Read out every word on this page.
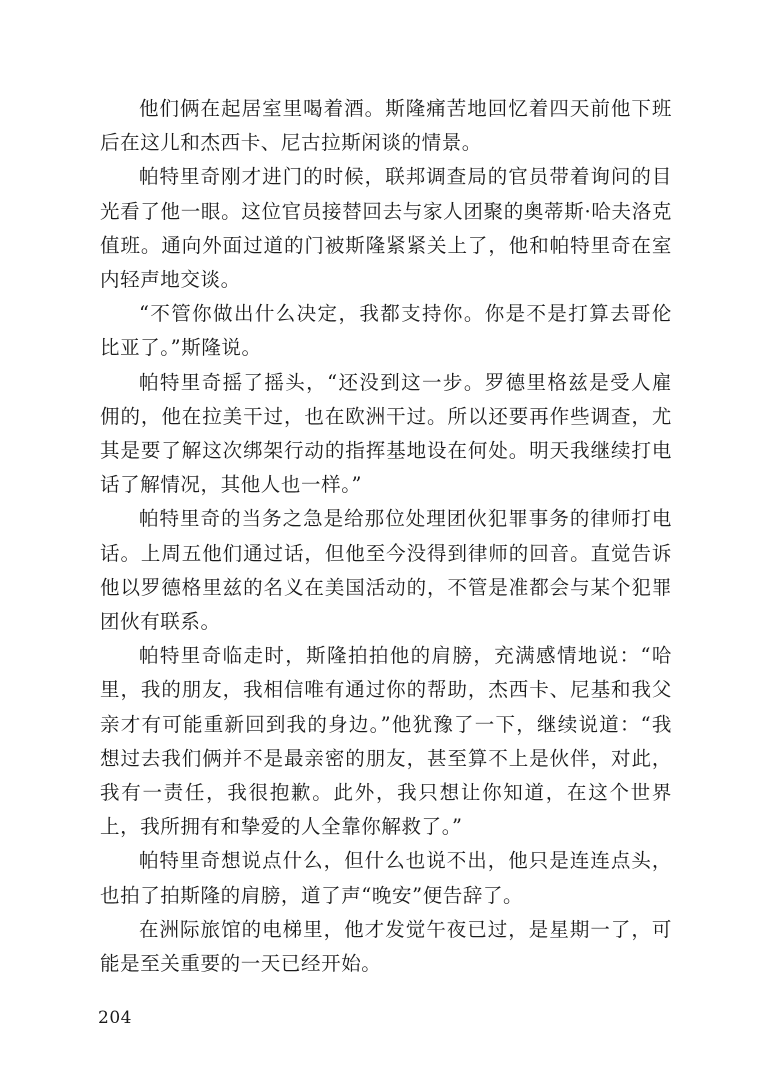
他们俩在起居室里喝着酒。斯隆痛苦地回忆着四天前他下班后在这儿和杰西卡、尼古拉斯闲谈的情景。

帕特里奇刚才进门的时候，联邦调查局的官员带着询问的目光看了他一眼。这位官员接替回去与家人团聚的奥蒂斯·哈夫洛克值班。通向外面过道的门被斯隆紧紧关上了，他和帕特里奇在室内轻声地交谈。

“不管你做出什么决定，我都支持你。你是不是打算去哥伦比亚了。”斯隆说。

帕特里奇摇了摇头，“还没到这一步。罗德里格兹是受人雇佣的，他在拉美干过，也在欧洲干过。所以还要再作些调查，尤其是要了解这次绑架行动的指挥基地设在何处。明天我继续打电话了解情况，其他人也一样。”

帕特里奇的当务之急是给那位处理团伙犯罪事务的律师打电话。上周五他们通过话，但他至今没得到律师的回音。直觉告诉他以罗德格里兹的名义在美国活动的，不管是准都会与某个犯罪团伙有联系。

帕特里奇临走时，斯隆拍拍他的肩膀，充满感情地说：“哈里，我的朋友，我相信唯有通过你的帮助，杰西卡、尼基和我父亲才有可能重新回到我的身边。”他犹豫了一下，继续说道：“我想过去我们俩并不是最亲密的朋友，甚至算不上是伙伴，对此，我有一责任，我很抱歉。此外，我只想让你知道，在这个世界上，我所拥有和挚爱的人全靠你解救了。”

帕特里奇想说点什么，但什么也说不出，他只是连连点头，也拍了拍斯隆的肩膀，道了声“晚安”便告辞了。

在洲际旅馆的电梯里，他才发觉午夜已过，是星期一了，可能是至关重要的一天已经开始。

204
